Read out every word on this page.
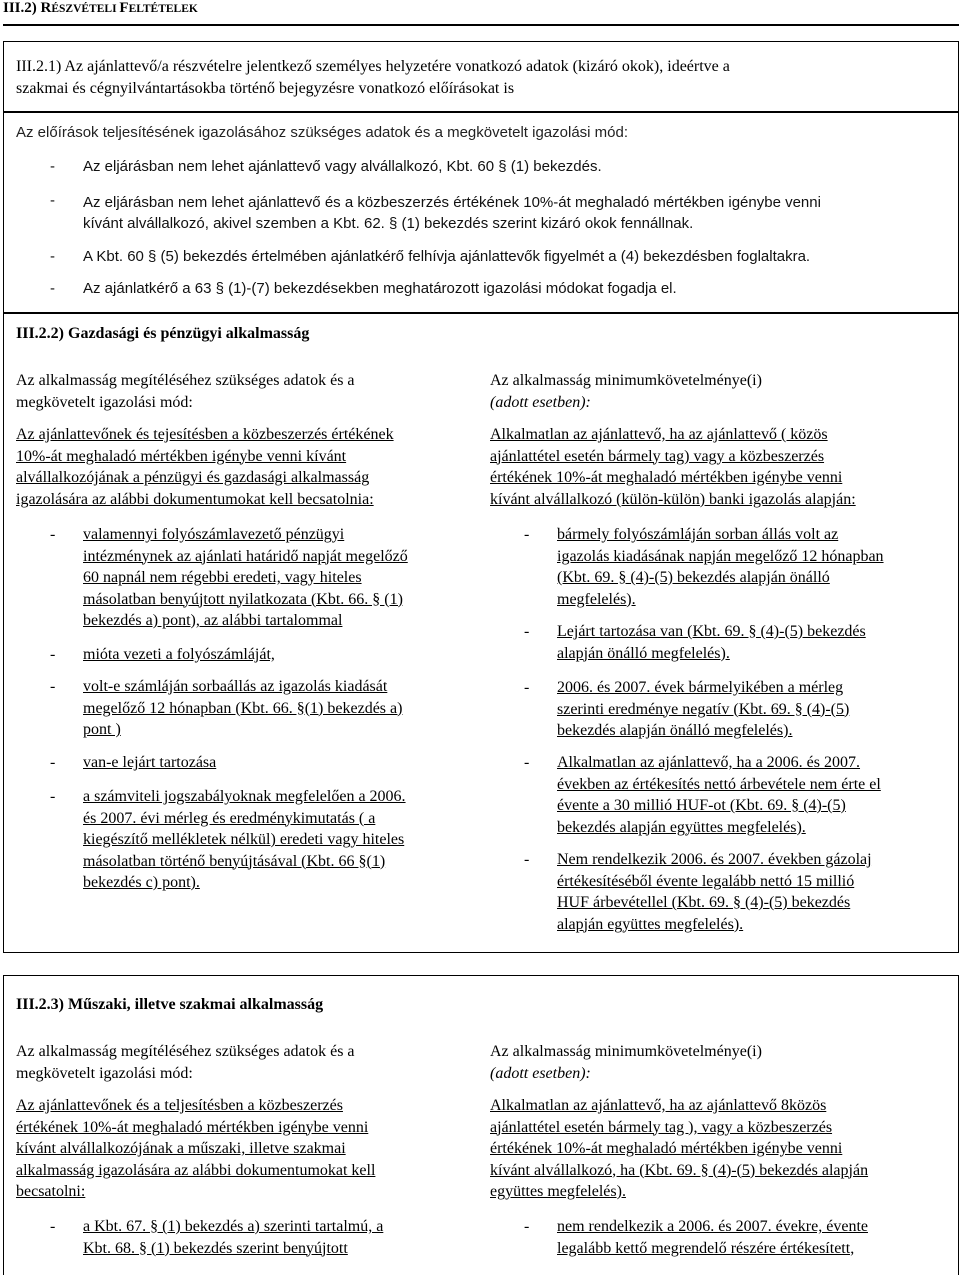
III.2) RÉSZVÉTELI FELTÉTELEK
III.2.1) Az ajánlattevő/a részvételre jelentkező személyes helyzetére vonatkozó adatok (kizáró okok), ideértve a
szakmai és cégnyilvántartásokba történő bejegyzésre vonatkozó előírásokat is
Az előírások teljesítésének igazolásához szükséges adatok és a megkövetelt igazolási mód:
- Az eljárásban nem lehet ajánlattevő vagy alvállalkozó, Kbt. 60 § (1) bekezdés.
- Az eljárásban nem lehet ajánlattevő és a közbeszerzés értékének 10%-át meghaladó mértékben igénybe venni
kívánt alvállalkozó, akivel szemben a Kbt. 62. § (1) bekezdés szerint kizáró okok fennállnak.
- A Kbt. 60 § (5) bekezdés értelmében ajánlatkérő felhívja ajánlattevők figyelmét a (4) bekezdésben foglaltakra.
- Az ajánlatkérő a 63 § (1)-(7) bekezdésekben meghatározott igazolási módokat fogadja el.
III.2.2) Gazdasági és pénzügyi alkalmasság
Az alkalmasság megítéléséhez szükséges adatok és a
megkövetelt igazolási mód:
Az ajánlattevőnek és tejesítésben a közbeszerzés értékének
10%-át meghaladó mértékben igénybe venni kívánt
alvállalkozójának a pénzügyi és gazdasági alkalmasság
igazolására az alábbi dokumentumokat kell becsatolnia:
- valamennyi folyószámlavezető pénzügyi
intézménynek az ajánlati határidő napját megelőző
60 napnál nem régebbi eredeti, vagy hiteles
másolatban benyújtott nyilatkozata (Kbt. 66. § (1)
bekezdés a) pont), az alábbi tartalommal
- mióta vezeti a folyószámláját,
- volt-e számláján sorbaállás az igazolás kiadását
megelőző 12 hónapban (Kbt. 66. §(1) bekezdés a)
pont )
- van-e lejárt tartozása
- a számviteli jogszabályoknak megfelelően a 2006.
és 2007. évi mérleg és eredménykimutatás ( a
kiegészítő mellékletek nélkül) eredeti vagy hiteles
másolatban történő benyújtásával (Kbt. 66 §(1)
bekezdés c) pont).
Az alkalmasság minimumkövetelménye(i)
(adott esetben):
Alkalmatlan az ajánlattevő, ha az ajánlattevő ( közös
ajánlattétel esetén bármely tag) vagy a közbeszerzés
értékének 10%-át meghaladó mértékben igénybe venni
kívánt alvállalkozó (külön-külön) banki igazolás alapján:
- bármely folyószámláján sorban állás volt az
igazolás kiadásának napján megelőző 12 hónapban
(Kbt. 69. § (4)-(5) bekezdés alapján önálló
megfelelés).
- Lejárt tartozása van (Kbt. 69. § (4)-(5) bekezdés
alapján önálló megfelelés).
- 2006. és 2007. évek bármelyikében a mérleg
szerinti eredménye negatív (Kbt. 69. § (4)-(5)
bekezdés alapján önálló megfelelés).
- Alkalmatlan az ajánlattevő, ha a 2006. és 2007.
években az értékesítés nettó árbevétele nem érte el
évente a 30 millió HUF-ot (Kbt. 69. § (4)-(5)
bekezdés alapján együttes megfelelés).
- Nem rendelkezik 2006. és 2007. években gázolaj
értékesítéséből évente legalább nettó 15 millió
HUF árbevétellel (Kbt. 69. § (4)-(5) bekezdés
alapján együttes megfelelés).
III.2.3) Műszaki, illetve szakmai alkalmasság
Az alkalmasság megítéléséhez szükséges adatok és a
megkövetelt igazolási mód:
Az ajánlattevőnek és a teljesítésben a közbeszerzés
értékének 10%-át meghaladó mértékben igénybe venni
kívánt alvállalkozójának a műszaki, illetve szakmai
alkalmasság igazolására az alábbi dokumentumokat kell
becsatolni:
- a Kbt. 67. § (1) bekezdés a) szerinti tartalmú, a
Kbt. 68. § (1) bekezdés szerint benyújtott
Az alkalmasság minimumkövetelménye(i)
(adott esetben):
Alkalmatlan az ajánlattevő, ha az ajánlattevő 8közös
ajánlattétel esetén bármely tag ), vagy a közbeszerzés
értékének 10%-át meghaladó mértékben igénybe venni
kívánt alvállalkozó, ha (Kbt. 69. § (4)-(5) bekezdés alapján
együttes megfelelés).
- nem rendelkezik a 2006. és 2007. évekre, évente
legalább kettő megrendelő részére értékesített,
